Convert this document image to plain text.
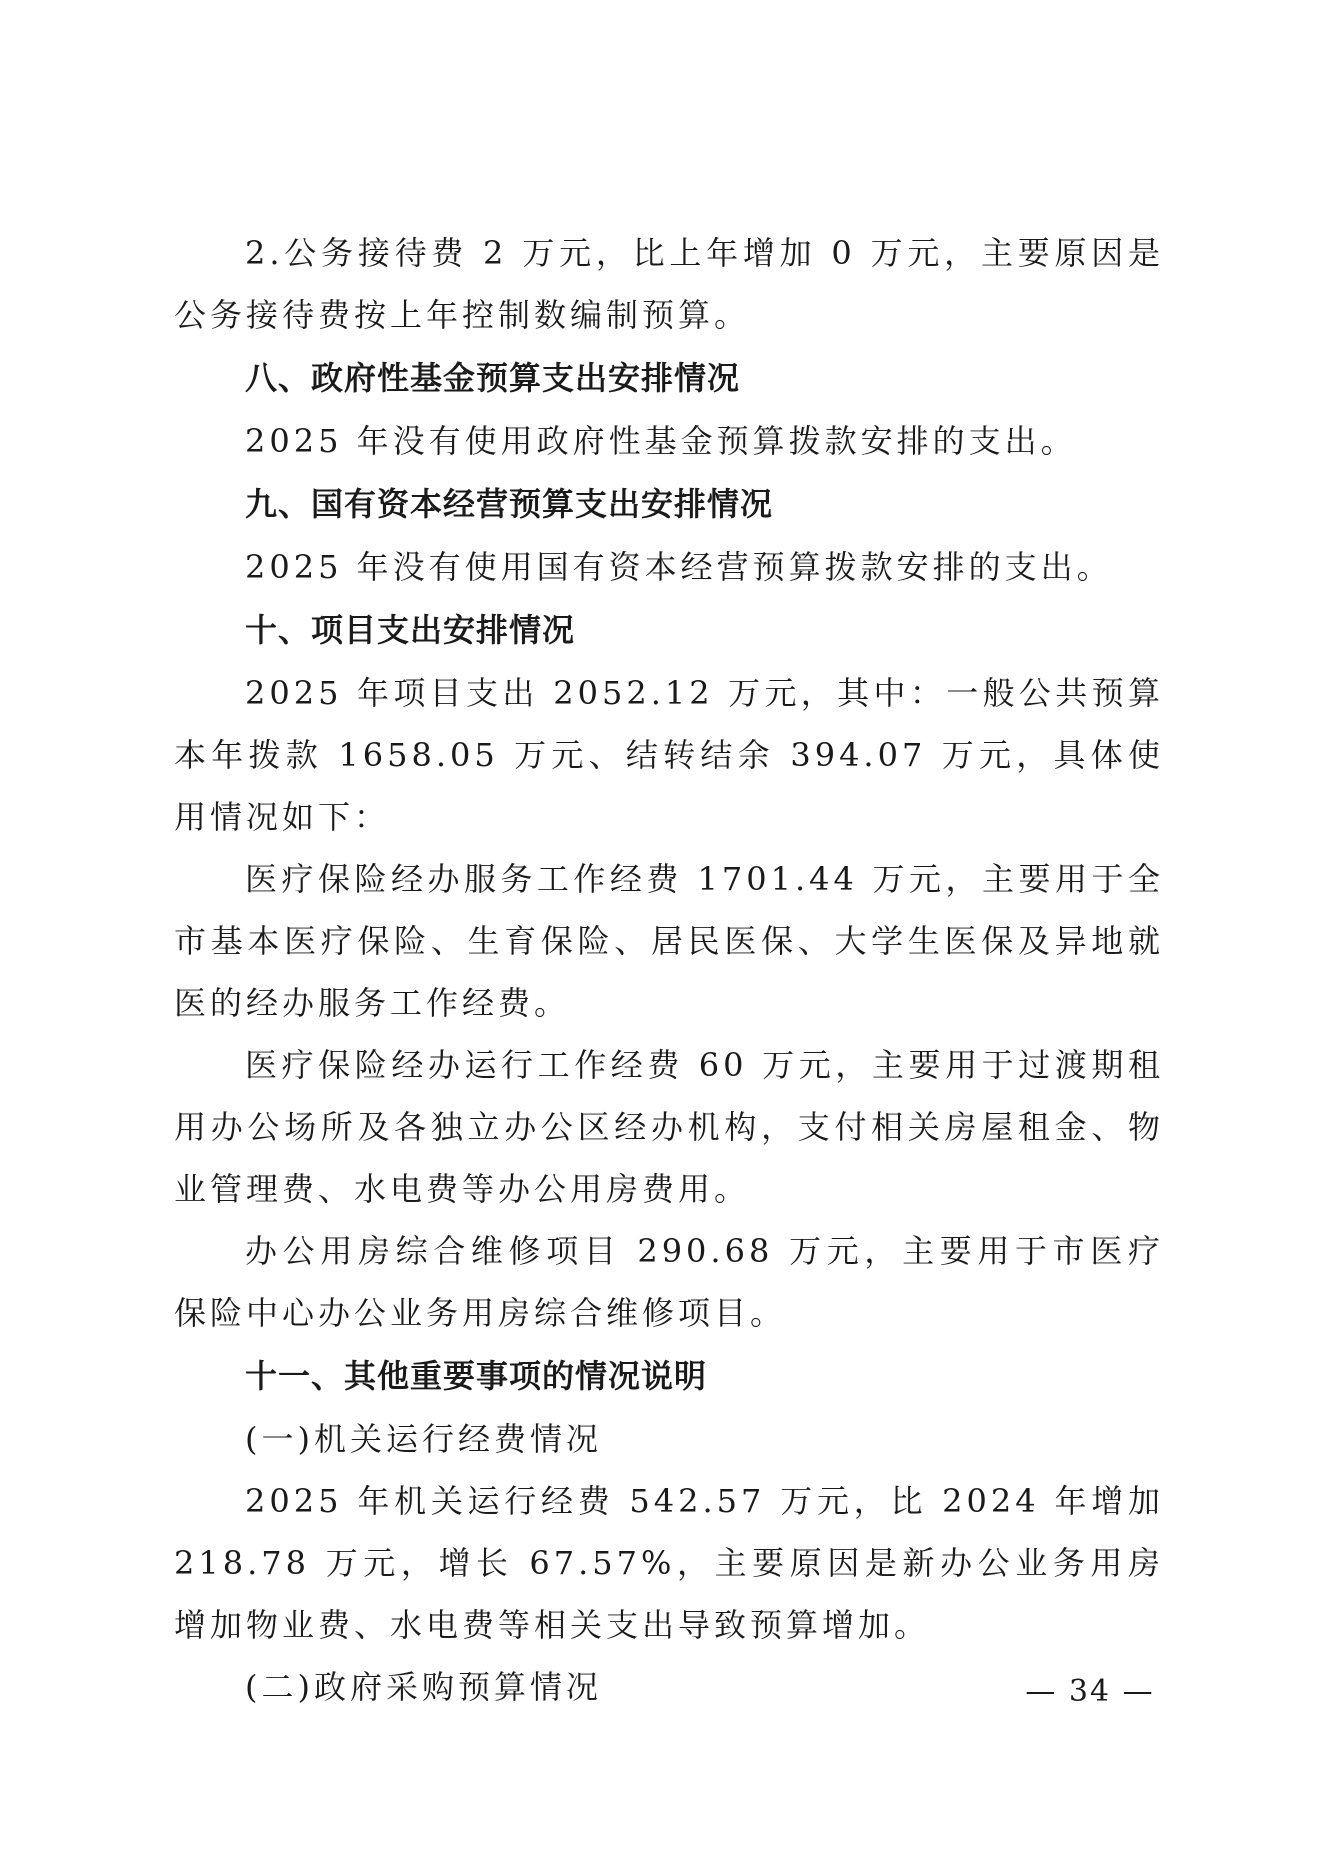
2.公务接待费 2 万元，比上年增加 0 万元，主要原因是公务接待费按上年控制数编制预算。

八、政府性基金预算支出安排情况

2025 年没有使用政府性基金预算拨款安排的支出。

九、国有资本经营预算支出安排情况

2025 年没有使用国有资本经营预算拨款安排的支出。

十、项目支出安排情况

2025 年项目支出 2052.12 万元，其中：一般公共预算本年拨款 1658.05 万元、结转结余 394.07 万元，具体使用情况如下：

医疗保险经办服务工作经费 1701.44 万元，主要用于全市基本医疗保险、生育保险、居民医保、大学生医保及异地就医的经办服务工作经费。

医疗保险经办运行工作经费 60 万元，主要用于过渡期租用办公场所及各独立办公区经办机构，支付相关房屋租金、物业管理费、水电费等办公用房费用。

办公用房综合维修项目 290.68 万元，主要用于市医疗保险中心办公业务用房综合维修项目。

十一、其他重要事项的情况说明

(一)机关运行经费情况

2025 年机关运行经费 542.57 万元，比 2024 年增加 218.78 万元，增长 67.57%，主要原因是新办公业务用房增加物业费、水电费等相关支出导致预算增加。

(二)政府采购预算情况	— 34 —
